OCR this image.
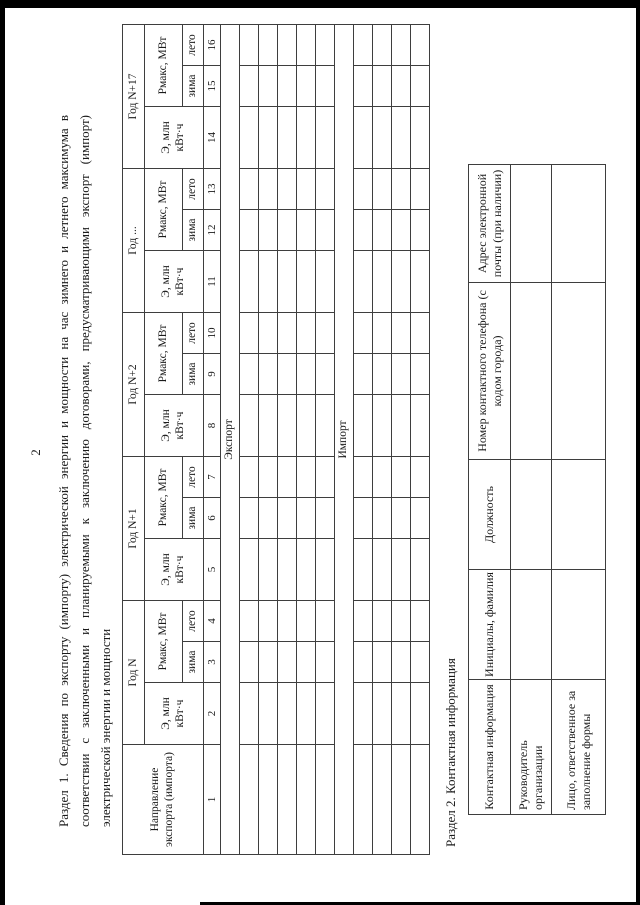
2 Раздел 1. Сведения по экспорту (импорту) электрической энергии и мощности на час зимнего и летнего максимума в соответствии с заключенными и планируемыми к заключению договорами, предусматривающими экспорт (импорт) электрической энергии и мощности	Направление экспорта (импорта)	Год N			Год N+1			Год N+2			Год ...			Год N+17		
	Э, млн кВт·ч	Рмакс, МВт		Э, млн кВт·ч	Рмакс, МВт		Э, млн кВт·ч	Рмакс, МВт		Э, млн кВт·ч	Рмакс, МВт		Э, млн кВт·ч	Рмакс, МВт	
		зима	лето		зима	лето		зима	лето		зима	лето		зима	лето
1	2	3	4	5	6	7	8	9	10	11	12	13	14	15	16
Экспорт															

Импорт															

Раздел 2. Контактная информация Контактная информация	Инициалы, фамилия	Должность	Номер контактного телефона (с кодом города)	Адрес электронной почты (при наличии)
Руководитель организации				
Лицо, ответственное за заполнение формы				
